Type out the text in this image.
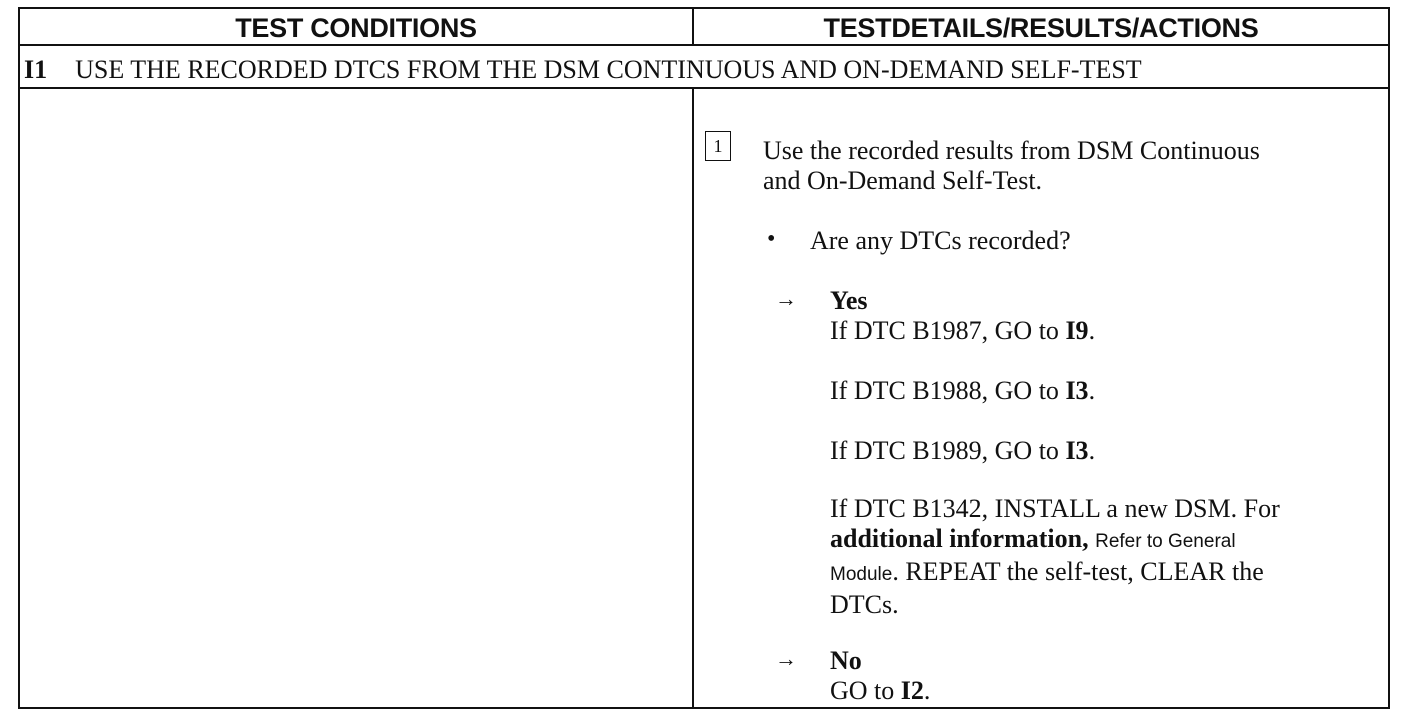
TEST CONDITIONS	TESTDETAILS/RESULTS/ACTIONS
I1 USE THE RECORDED DTCS FROM THE DSM CONTINUOUS AND ON-DEMAND SELF-TEST
1	Use the recorded results from DSM Continuous
and On-Demand Self-Test.
• Are any DTCs recorded?
→ Yes
If DTC B1987, GO to I9.
If DTC B1988, GO to I3.
If DTC B1989, GO to I3.
If DTC B1342, INSTALL a new DSM. For
additional information, Refer to General
Module. REPEAT the self-test, CLEAR the
DTCs.
→ No
GO to I2.
